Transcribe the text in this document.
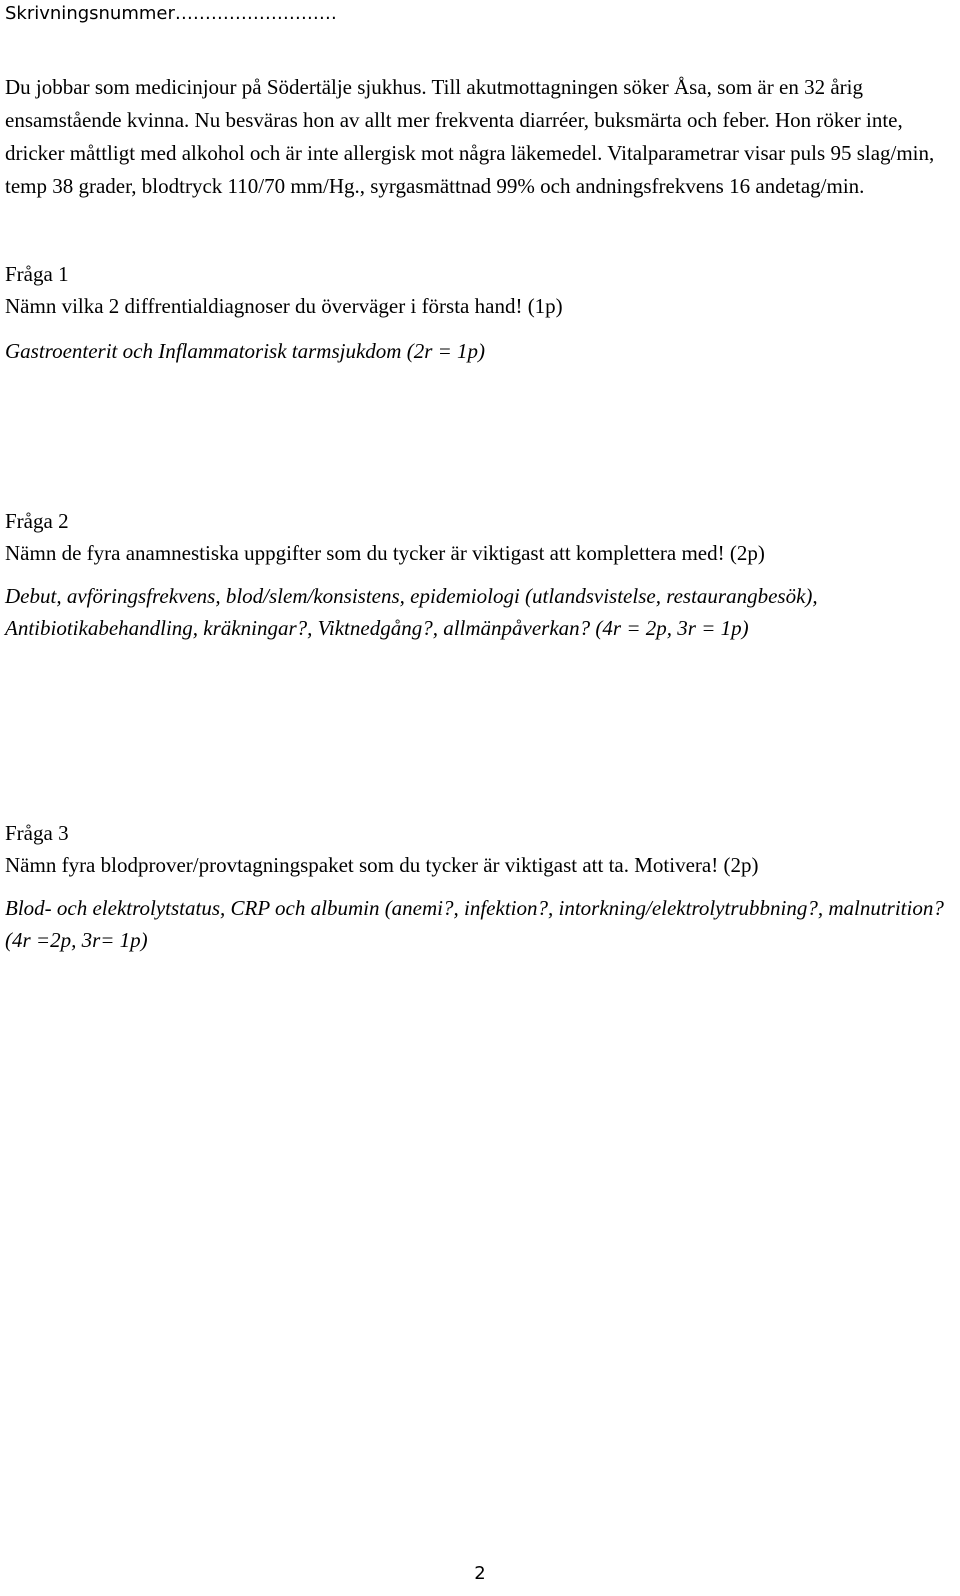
Skrivningsnummer………………………
Du jobbar som medicinjour på Södertälje sjukhus. Till akutmottagningen söker Åsa, som är en 32 årig ensamstående kvinna. Nu besväras hon av allt mer frekventa diarréer, buksmärta och feber. Hon röker inte, dricker måttligt med alkohol och är inte allergisk mot några läkemedel. Vitalparametrar visar puls 95 slag/min, temp 38 grader, blodtryck 110/70 mm/Hg., syrgasmättnad 99% och andningsfrekvens 16 andetag/min.
Fråga 1

Nämn vilka 2 diffrentialdiagnoser du överväger i första hand! (1p)

Gastroenterit och Inflammatorisk tarmsjukdom (2r = 1p)

Fråga 2

Nämn de fyra anamnestiska uppgifter som du tycker är viktigast att komplettera med! (2p)

Debut, avföringsfrekvens, blod/slem/konsistens, epidemiologi (utlandsvistelse, restaurangbesök), Antibiotikabehandling, kräkningar?, Viktnedgång?, allmänpåverkan? (4r = 2p, 3r = 1p)

Fråga 3

Nämn fyra blodprover/provtagningspaket som du tycker är viktigast att ta. Motivera! (2p)

Blod- och elektrolytstatus, CRP och albumin (anemi?, infektion?, intorkning/elektrolytrubbning?, malnutrition? (4r =2p, 3r= 1p)

2
